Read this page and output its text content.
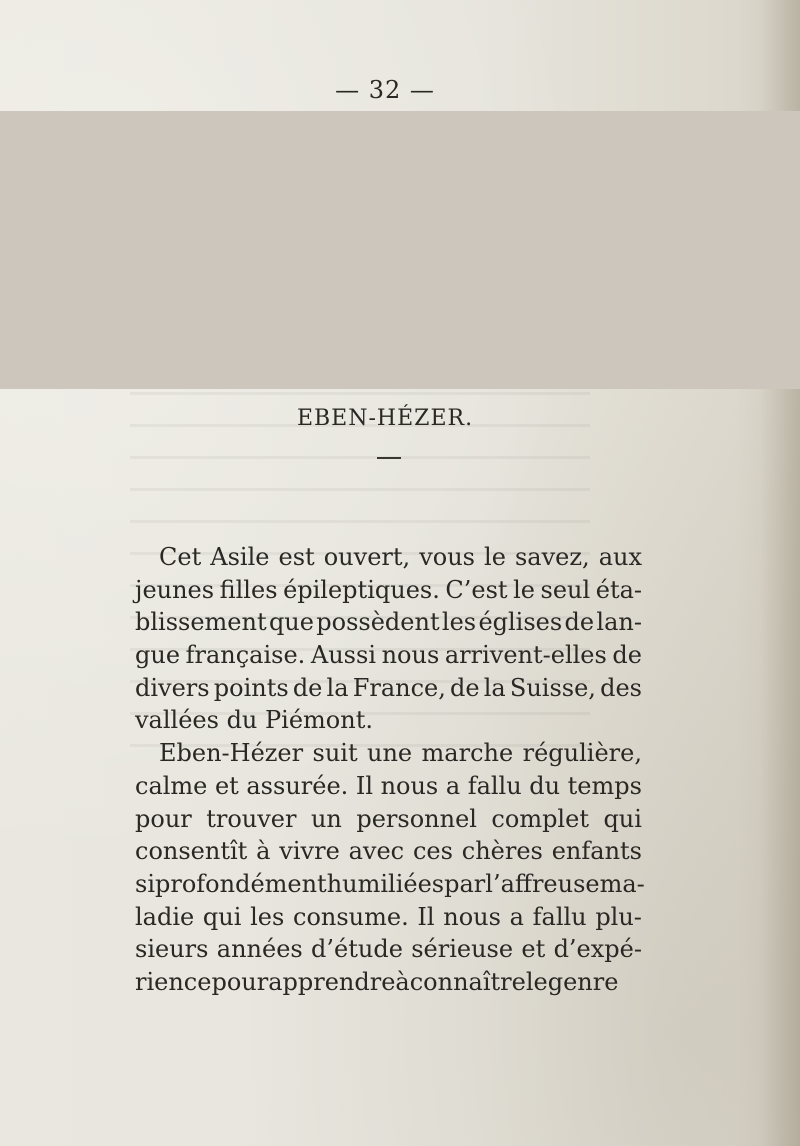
— 32 —
EBEN-HÉZER.
Cet Asile est ouvert, vous le savez, aux
jeunes filles épileptiques. C’est le seul éta-
blissement que possèdent les églises de lan-
gue française. Aussi nous arrivent-elles de
divers points de la France, de la Suisse, des
vallées du Piémont.
Eben-Hézer suit une marche régulière,
calme et assurée. Il nous a fallu du temps
pour trouver un personnel complet qui
consentît à vivre avec ces chères enfants
si profondément humiliées par l’affreuse ma-
ladie qui les consume. Il nous a fallu plu-
sieurs années d’étude sérieuse et d’expé-
riencepourapprendreàconnaîtrelegenre
